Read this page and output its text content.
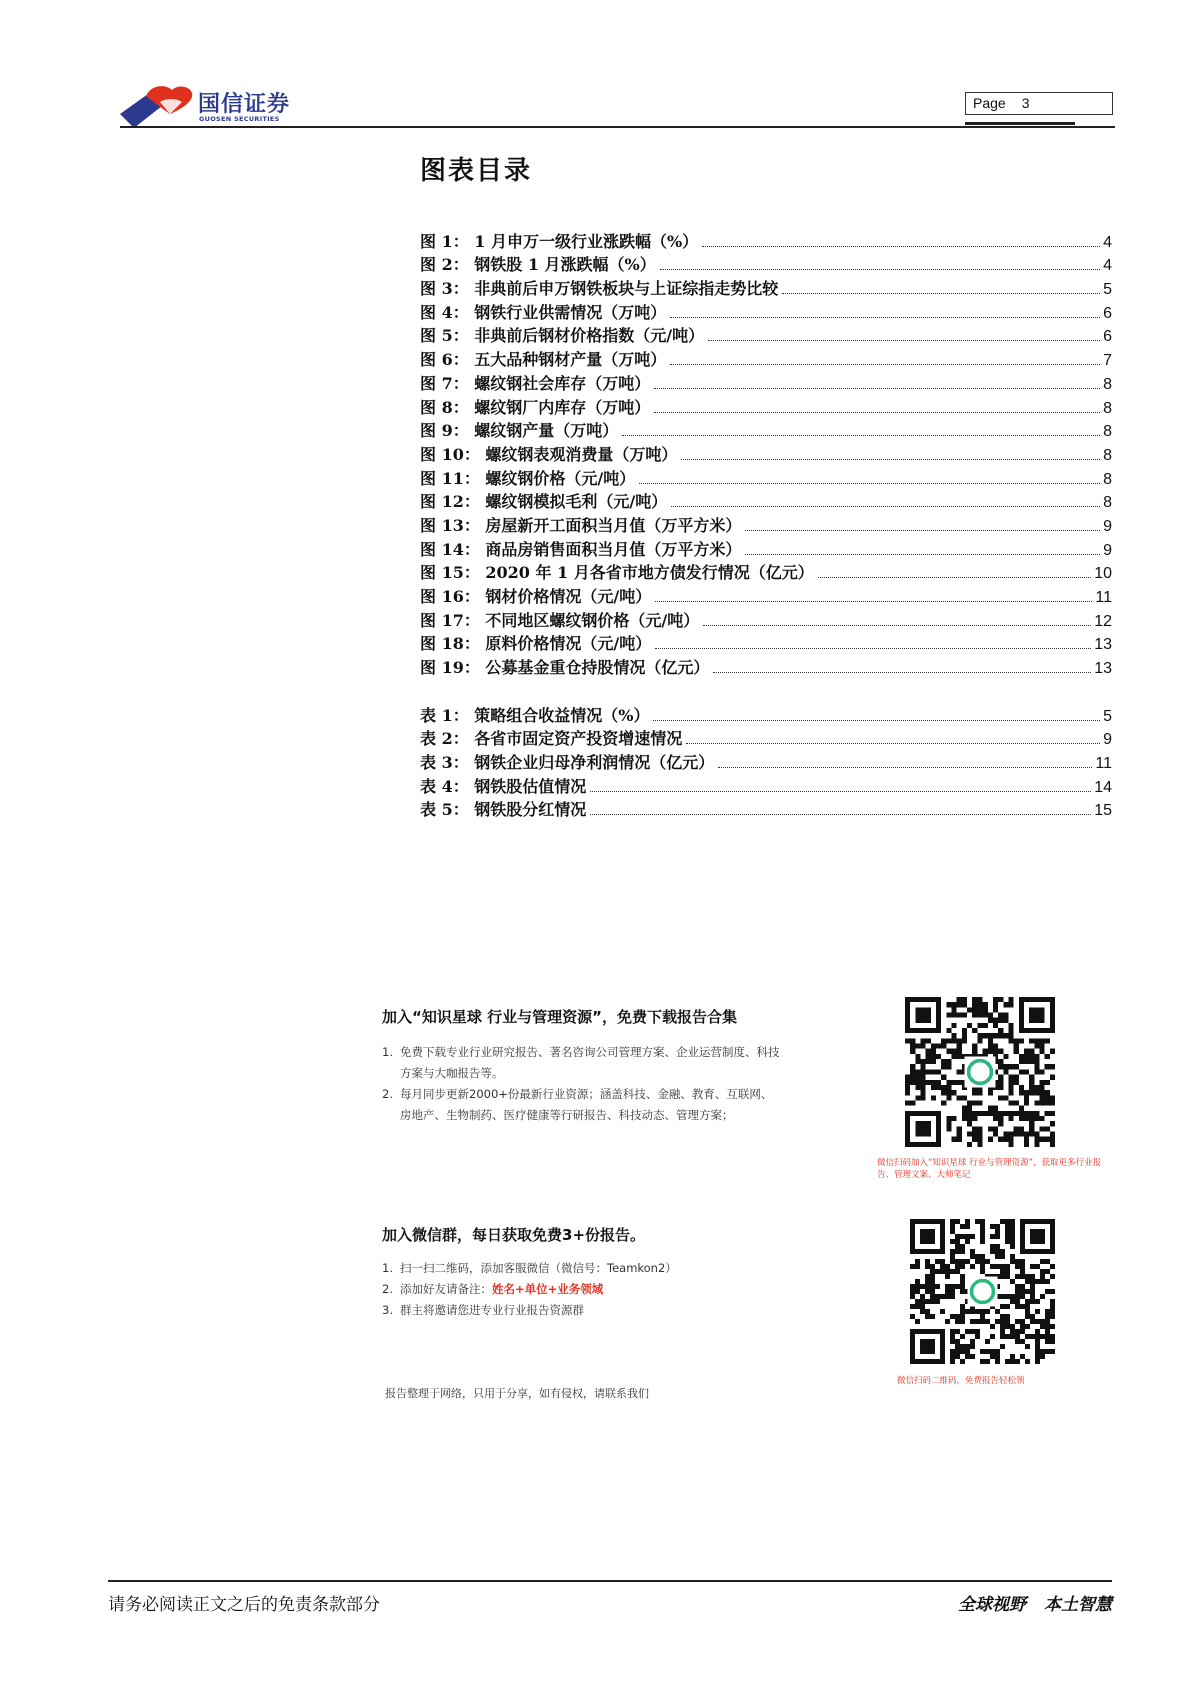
国信证券
GUOSEN SECURITIES
Page 3
图表目录
图 1： 1 月申万一级行业涨跌幅（%）	4
图 2： 钢铁股 1 月涨跌幅（%）	4
图 3： 非典前后申万钢铁板块与上证综指走势比较	5
图 4： 钢铁行业供需情况（万吨）	6
图 5： 非典前后钢材价格指数（元/吨）	6
图 6： 五大品种钢材产量（万吨）	7
图 7： 螺纹钢社会库存（万吨）	8
图 8： 螺纹钢厂内库存（万吨）	8
图 9： 螺纹钢产量（万吨）	8
图 10： 螺纹钢表观消费量（万吨）	8
图 11： 螺纹钢价格（元/吨）	8
图 12： 螺纹钢模拟毛利（元/吨）	8
图 13： 房屋新开工面积当月值（万平方米）	9
图 14： 商品房销售面积当月值（万平方米）	9
图 15： 2020 年 1 月各省市地方债发行情况（亿元）	10
图 16： 钢材价格情况（元/吨）	11
图 17： 不同地区螺纹钢价格（元/吨）	12
图 18： 原料价格情况（元/吨）	13
图 19： 公募基金重仓持股情况（亿元）	13
表 1： 策略组合收益情况（%）	5
表 2： 各省市固定资产投资增速情况	9
表 3： 钢铁企业归母净利润情况（亿元）	11
表 4： 钢铁股估值情况	14
表 5： 钢铁股分红情况	15
加入“知识星球 行业与管理资源”，免费下载报告合集
1. 免费下载专业行业研究报告、著名咨询公司管理方案、企业运营制度、科技方案与大咖报告等。
2. 每月同步更新2000+份最新行业资源；涵盖科技、金融、教育、互联网、房地产、生物制药、医疗健康等行研报告、科技动态、管理方案；
微信扫码加入“知识星球 行业与管理资源”，获取更多行业报告、管理文案、大师笔记
加入微信群，每日获取免费3+份报告。
1. 扫一扫二维码，添加客服微信（微信号：Teamkon2）
2. 添加好友请备注：姓名+单位+业务领域
3. 群主将邀请您进专业行业报告资源群
微信扫码二维码，免费报告轻松领
报告整理于网络，只用于分享，如有侵权，请联系我们
请务必阅读正文之后的免责条款部分	全球视野 本土智慧
